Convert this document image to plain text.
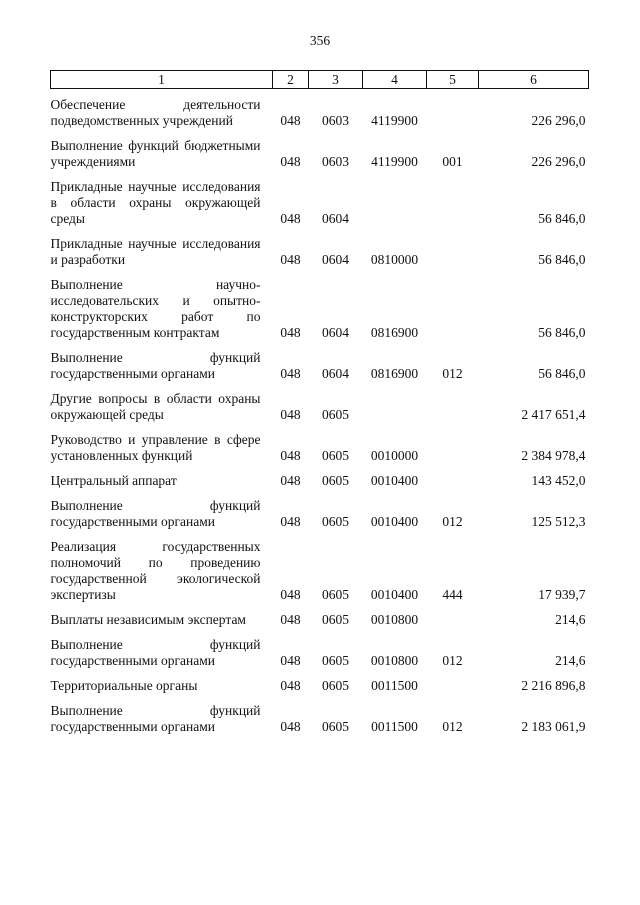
356
1	2	3	4	5	6
Обеспечение деятельности подведомственных учреждений	048	0603	4119900		226 296,0
Выполнение функций бюджетными учреждениями	048	0603	4119900	001	226 296,0
Прикладные научные исследования в области охраны окружающей среды	048	0604			56 846,0
Прикладные научные исследования и разработки	048	0604	0810000		56 846,0
Выполнение научно-исследовательских и опытно-конструкторских работ по государственным контрактам	048	0604	0816900		56 846,0
Выполнение функций государственными органами	048	0604	0816900	012	56 846,0
Другие вопросы в области охраны окружающей среды	048	0605			2 417 651,4
Руководство и управление в сфере установленных функций	048	0605	0010000		2 384 978,4
Центральный аппарат	048	0605	0010400		143 452,0
Выполнение функций государственными органами	048	0605	0010400	012	125 512,3
Реализация государственных полномочий по проведению государственной экологической экспертизы	048	0605	0010400	444	17 939,7
Выплаты независимым экспертам	048	0605	0010800		214,6
Выполнение функций государственными органами	048	0605	0010800	012	214,6
Территориальные органы	048	0605	0011500		2 216 896,8
Выполнение функций государственными органами	048	0605	0011500	012	2 183 061,9
